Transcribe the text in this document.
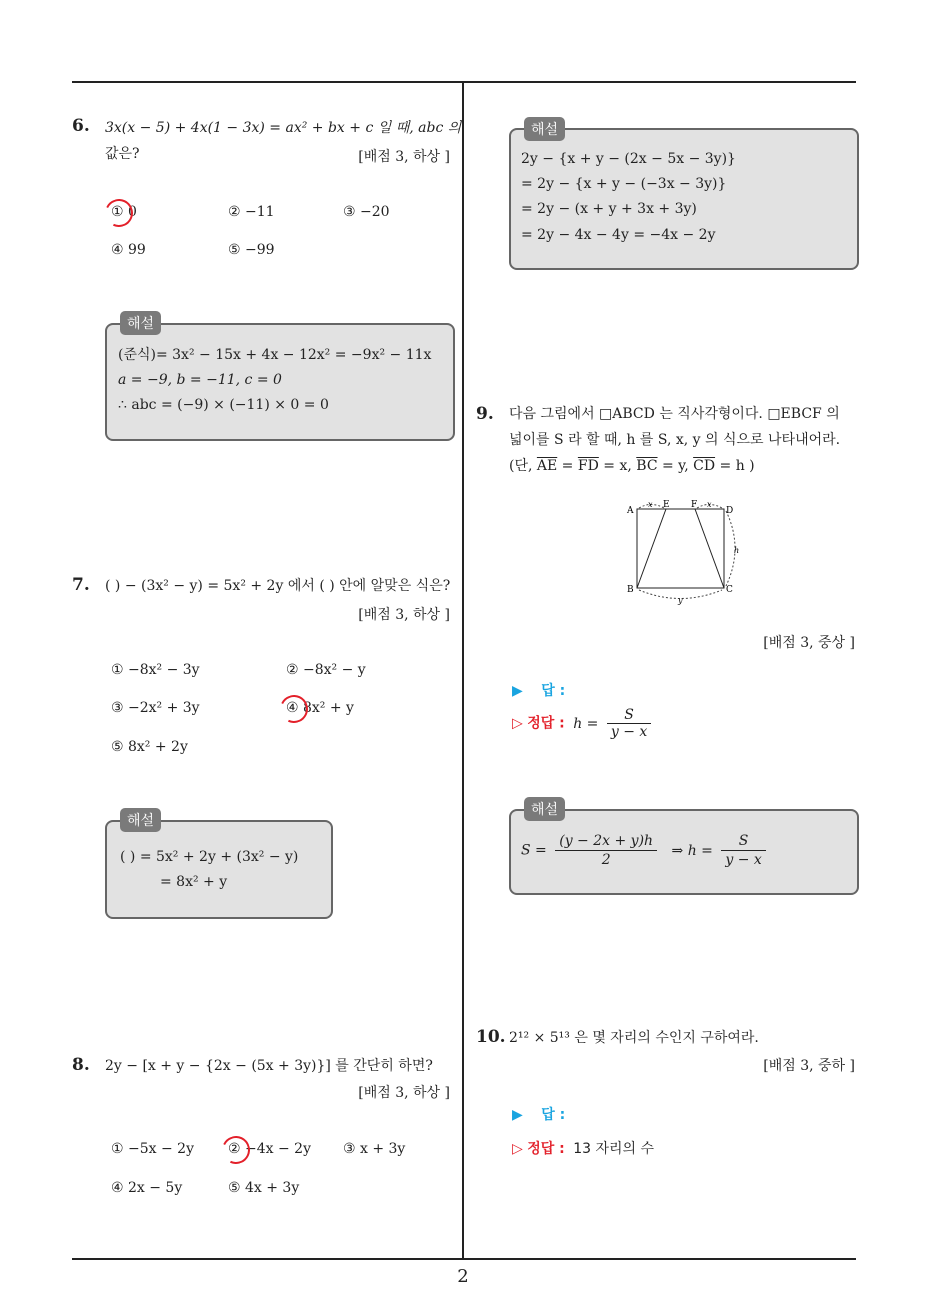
2
6. 3x(x − 5) + 4x(1 − 3x) = ax² + bx + c 일 때, abc 의
값은?	[배점 3, 하상 ]
① 0	② −11	③ −20
④ 99	⑤ −99
해설
(준식)= 3x² − 15x + 4x − 12x² = −9x² − 11x
a = −9, b = −11, c = 0
∴ abc = (−9) × (−11) × 0 = 0
7. ( ) − (3x² − y) = 5x² + 2y 에서 ( ) 안에 알맞은 식은?
[배점 3, 하상 ]
① −8x² − 3y	② −8x² − y
③ −2x² + 3y	④ 8x² + y
⑤ 8x² + 2y
해설
( ) = 5x² + 2y + (3x² − y)
= 8x² + y
8. 2y − [x + y − {2x − (5x + 3y)}] 를 간단히 하면?
[배점 3, 하상 ]
① −5x − 2y ② −4x − 2y ③ x + 3y
④ 2x − 5y	⑤ 4x + 3y
해설
2y − {x + y − (2x − 5x − 3y)}
= 2y − {x + y − (−3x − 3y)}
= 2y − (x + y + 3x + 3y)
= 2y − 4x − 4y = −4x − 2y
9. 다음 그림에서 □ABCD 는 직사각형이다. □EBCF 의
넓이를 S 라 할 때, h 를 S, x, y 의 식으로 나타내어라.
(단, $\overline{AE} = \overline{FD} = x$, $\overline{BC} = y$, $\overline{CD} = h$ )
A
E F
D
B	C
x	x
h
y
[배점 3, 중상 ]
▶ 답 :
▷ 정답 : $h = \frac{S}{y - x}$
해설
$S = \frac{(y - 2x + y)h}{2}$ ⇒ $h = \frac{S}{y - x}$
10. 2¹² × 5¹³ 은 몇 자리의 수인지 구하여라.
[배점 3, 중하 ]
▶ 답 :
▷ 정답 : 13 자리의 수
